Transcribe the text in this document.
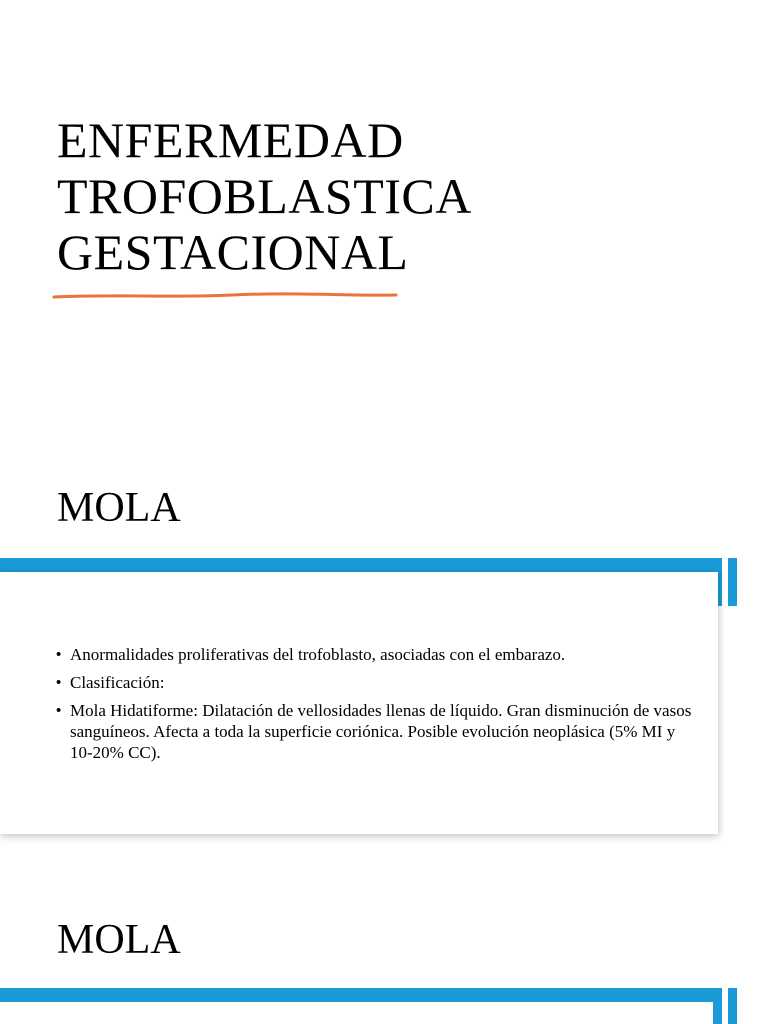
ENFERMEDAD
TROFOBLASTICA
GESTACIONAL
MOLA
• Anormalidades proliferativas del trofoblasto, asociadas con el embarazo.
• Clasificación:
• Mola Hidatiforme: Dilatación de vellosidades llenas de líquido. Gran disminución de vasos sanguíneos. Afecta a toda la superficie coriónica. Posible evolución neoplásica (5% MI y 10-20% CC).
MOLA
